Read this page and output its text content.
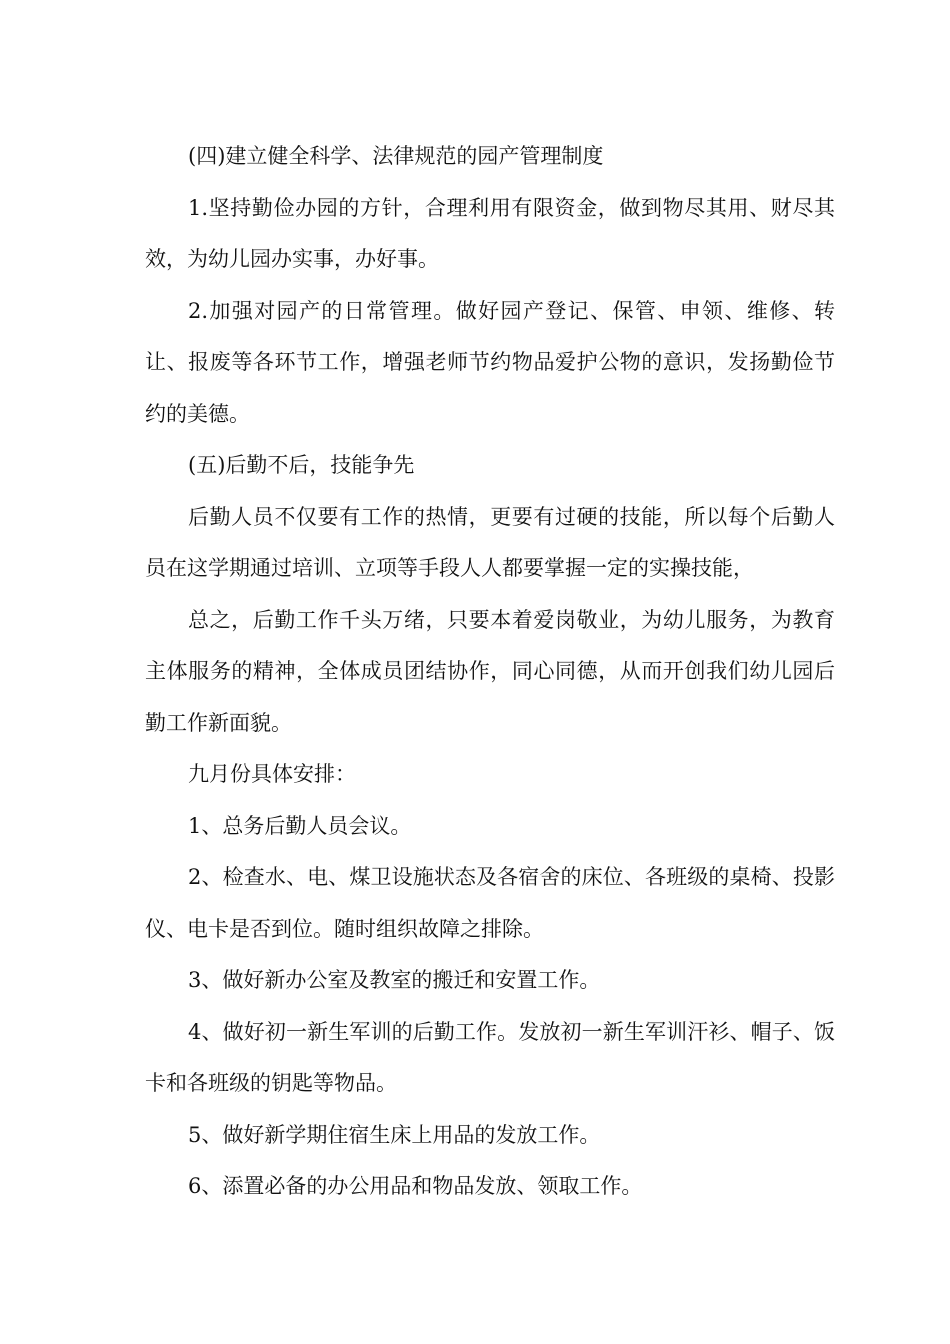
(四)建立健全科学、法律规范的园产管理制度

1.坚持勤俭办园的方针，合理利用有限资金，做到物尽其用、财尽其效，为幼儿园办实事，办好事。

2.加强对园产的日常管理。做好园产登记、保管、申领、维修、转让、报废等各环节工作，增强老师节约物品爱护公物的意识，发扬勤俭节约的美德。

(五)后勤不后，技能争先

后勤人员不仅要有工作的热情，更要有过硬的技能，所以每个后勤人员在这学期通过培训、立项等手段人人都要掌握一定的实操技能，

总之，后勤工作千头万绪，只要本着爱岗敬业，为幼儿服务，为教育主体服务的精神，全体成员团结协作，同心同德，从而开创我们幼儿园后勤工作新面貌。

九月份具体安排：

1、总务后勤人员会议。

2、检查水、电、煤卫设施状态及各宿舍的床位、各班级的桌椅、投影仪、电卡是否到位。随时组织故障之排除。

3、做好新办公室及教室的搬迁和安置工作。

4、做好初一新生军训的后勤工作。发放初一新生军训汗衫、帽子、饭卡和各班级的钥匙等物品。

5、做好新学期住宿生床上用品的发放工作。

6、添置必备的办公用品和物品发放、领取工作。
